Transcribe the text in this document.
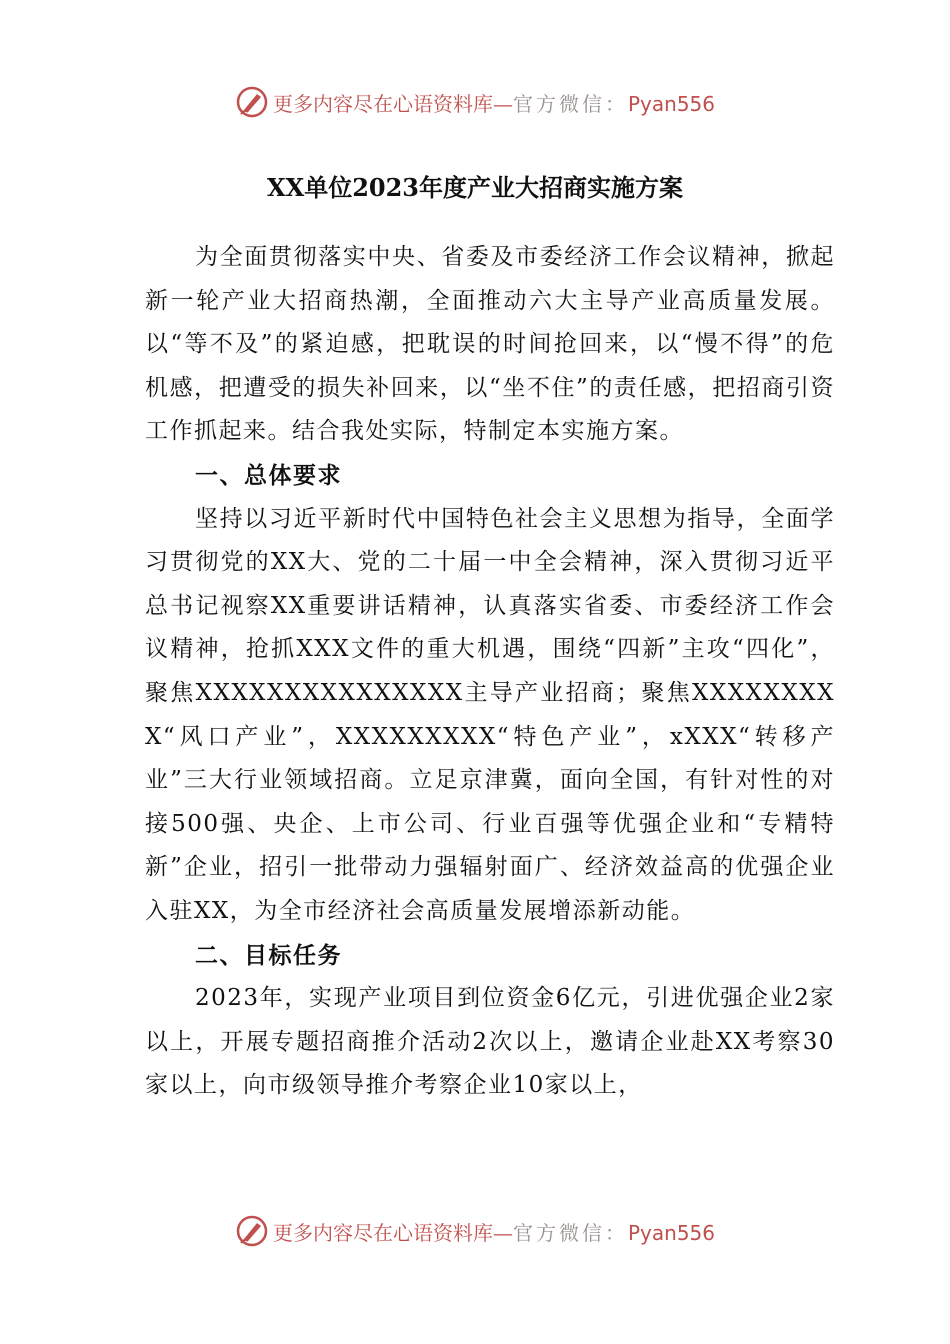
更多内容尽在心语资料库—官方微信：Pyan556
XX单位2023年度产业大招商实施方案

为全面贯彻落实中央、省委及市委经济工作会议精神，掀起新一轮产业大招商热潮，全面推动六大主导产业高质量发展。以“等不及”的紧迫感，把耽误的时间抢回来，以“慢不得”的危机感，把遭受的损失补回来，以“坐不住”的责任感，把招商引资工作抓起来。结合我处实际，特制定本实施方案。

一、总体要求

坚持以习近平新时代中国特色社会主义思想为指导，全面学习贯彻党的XX大、党的二十届一中全会精神，深入贯彻习近平总书记视察XX重要讲话精神，认真落实省委、市委经济工作会议精神，抢抓XXX文件的重大机遇，围绕“四新”主攻“四化”，聚焦XXXXXXXXXXXXXXX主导产业招商；聚焦XXXXXXXXX“风口产业”，XXXXXXXXX“特色产业”，xXXX“转移产业”三大行业领域招商。立足京津冀，面向全国，有针对性的对接500强、央企、上市公司、行业百强等优强企业和“专精特新”企业，招引一批带动力强辐射面广、经济效益高的优强企业入驻XX，为全市经济社会高质量发展增添新动能。

二、目标任务

2023年，实现产业项目到位资金6亿元，引进优强企业2家以上，开展专题招商推介活动2次以上，邀请企业赴XX考察30家以上，向市级领导推介考察企业10家以上，

更多内容尽在心语资料库—官方微信：Pyan556
